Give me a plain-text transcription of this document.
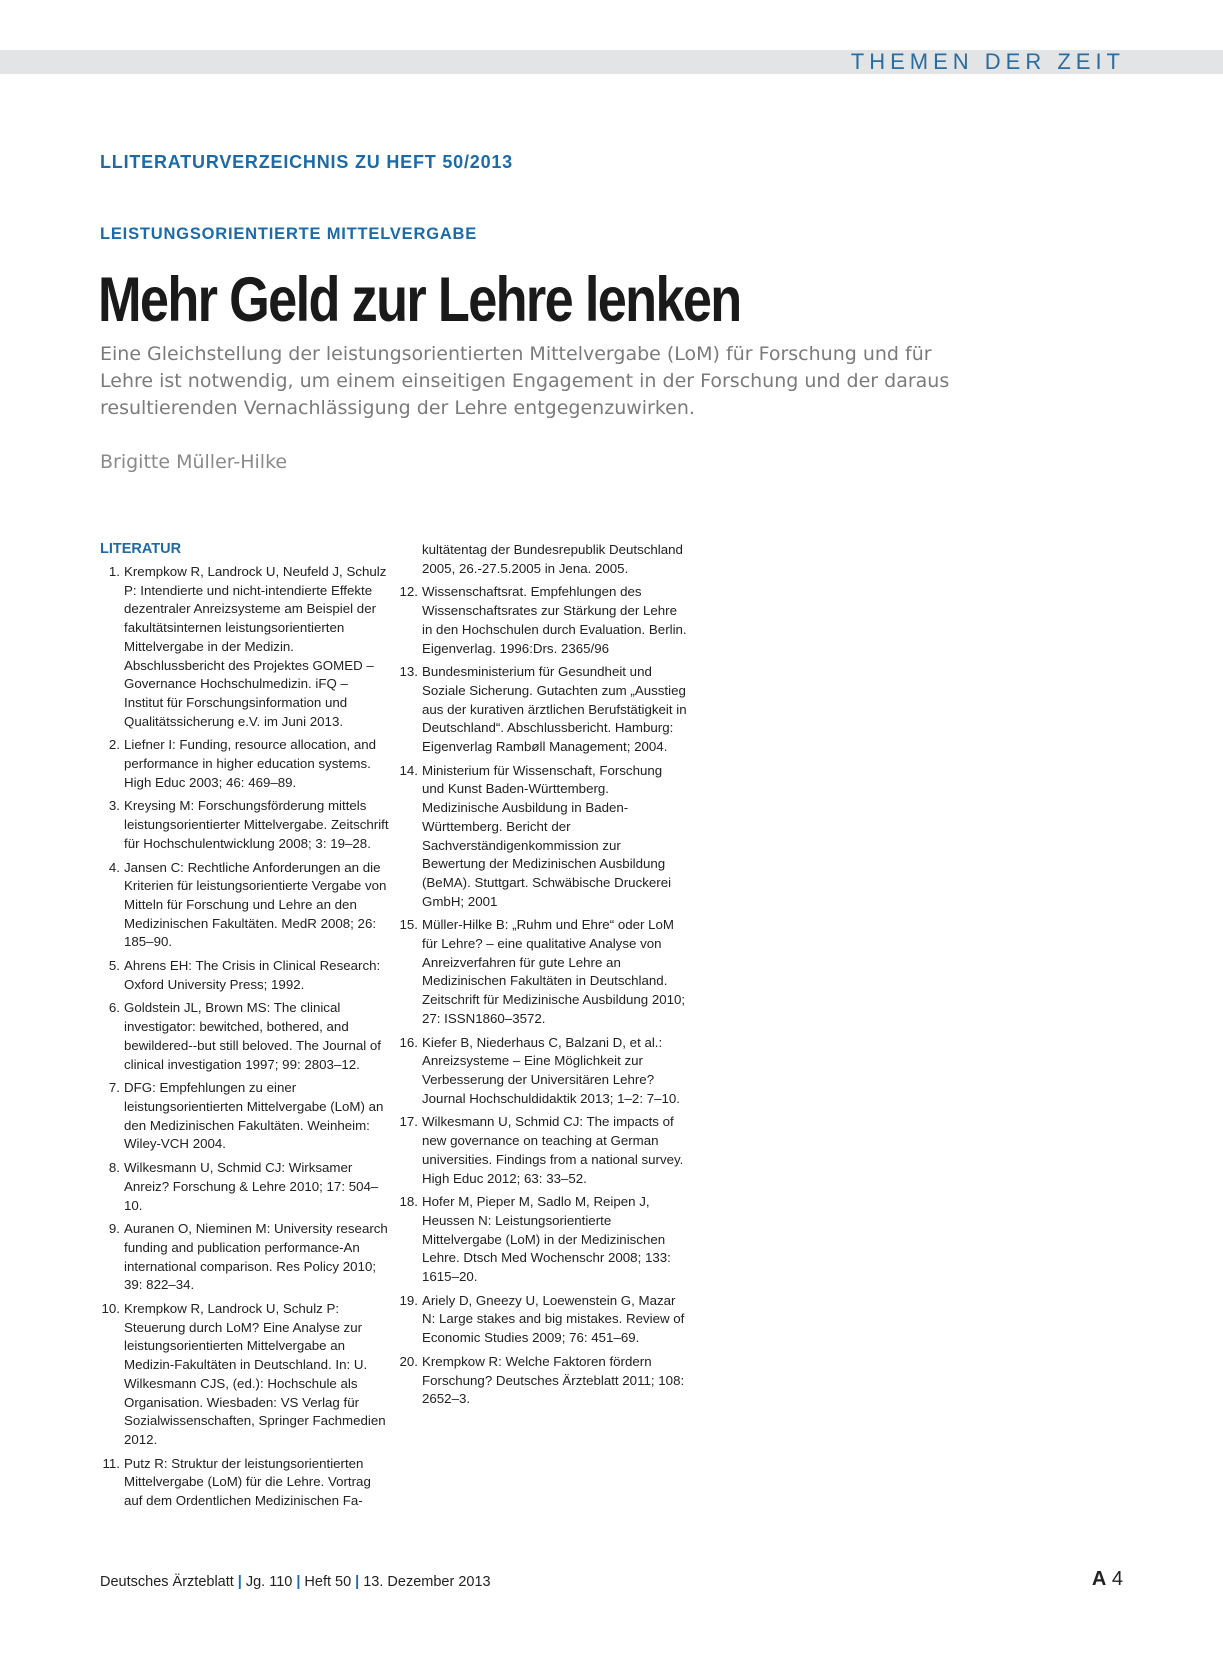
THEMEN DER ZEIT
LLITERATURVERZEICHNIS ZU HEFT 50/2013
LEISTUNGSORIENTIERTE MITTELVERGABE
Mehr Geld zur Lehre lenken

Eine Gleichstellung der leistungsorientierten Mittelvergabe (LoM) für Forschung und für Lehre ist notwendig, um einem einseitigen Engagement in der Forschung und der daraus resultierenden Vernachlässigung der Lehre entgegenzuwirken.

Brigitte Müller-Hilke
LITERATUR
1. Krempkow R, Landrock U, Neufeld J, Schulz P: Intendierte und nicht-intendierte Effekte dezentraler Anreizsysteme am Beispiel der fakultätsinternen leistungsorientierten Mittelvergabe in der Medizin. Abschlussbericht des Projektes GOMED – Governance Hochschulmedizin. iFQ – Institut für Forschungsinformation und Qualitätssicherung e.V. im Juni 2013.
2. Liefner I: Funding, resource allocation, and performance in higher education systems. High Educ 2003; 46: 469–89.
3. Kreysing M: Forschungsförderung mittels leistungsorientierter Mittelvergabe. Zeitschrift für Hochschulentwicklung 2008; 3: 19–28.
4. Jansen C: Rechtliche Anforderungen an die Kriterien für leistungsorientierte Vergabe von Mitteln für Forschung und Lehre an den Medizinischen Fakultäten. MedR 2008; 26: 185–90.
5. Ahrens EH: The Crisis in Clinical Research: Oxford University Press; 1992.
6. Goldstein JL, Brown MS: The clinical investigator: bewitched, bothered, and bewildered--but still beloved. The Journal of clinical investigation 1997; 99: 2803–12.
7. DFG: Empfehlungen zu einer leistungsorientierten Mittelvergabe (LoM) an den Medizinischen Fakultäten. Weinheim: Wiley-VCH 2004.
8. Wilkesmann U, Schmid CJ: Wirksamer Anreiz? Forschung & Lehre 2010; 17: 504–10.
9. Auranen O, Nieminen M: University research funding and publication performance-An international comparison. Res Policy 2010; 39: 822–34.
10. Krempkow R, Landrock U, Schulz P: Steuerung durch LoM? Eine Analyse zur leistungsorientierten Mittelvergabe an Medizin-Fakultäten in Deutschland. In: U. Wilkesmann CJS, (ed.): Hochschule als Organisation. Wiesbaden: VS Verlag für Sozialwissenschaften, Springer Fachmedien 2012.
11. Putz R: Struktur der leistungsorientierten Mittelvergabe (LoM) für die Lehre. Vortrag auf dem Ordentlichen Medizinischen Fa-
kultätentag der Bundesrepublik Deutschland 2005, 26.-27.5.2005 in Jena. 2005.
12. Wissenschaftsrat. Empfehlungen des Wissenschaftsrates zur Stärkung der Lehre in den Hochschulen durch Evaluation. Berlin. Eigenverlag. 1996:Drs. 2365/96
13. Bundesministerium für Gesundheit und Soziale Sicherung. Gutachten zum „Ausstieg aus der kurativen ärztlichen Berufstätigkeit in Deutschland“. Abschlussbericht. Hamburg: Eigenverlag Rambøll Management; 2004.
14. Ministerium für Wissenschaft, Forschung und Kunst Baden-Württemberg. Medizinische Ausbildung in Baden-Württemberg. Bericht der Sachverständigenkommission zur Bewertung der Medizinischen Ausbildung (BeMA). Stuttgart. Schwäbische Druckerei GmbH; 2001
15. Müller-Hilke B: „Ruhm und Ehre“ oder LoM für Lehre? – eine qualitative Analyse von Anreizverfahren für gute Lehre an Medizinischen Fakultäten in Deutschland. Zeitschrift für Medizinische Ausbildung 2010; 27: ISSN1860–3572.
16. Kiefer B, Niederhaus C, Balzani D, et al.: Anreizsysteme – Eine Möglichkeit zur Verbesserung der Universitären Lehre? Journal Hochschuldidaktik 2013; 1–2: 7–10.
17. Wilkesmann U, Schmid CJ: The impacts of new governance on teaching at German universities. Findings from a national survey. High Educ 2012; 63: 33–52.
18. Hofer M, Pieper M, Sadlo M, Reipen J, Heussen N: Leistungsorientierte Mittelvergabe (LoM) in der Medizinischen Lehre. Dtsch Med Wochenschr 2008; 133: 1615–20.
19. Ariely D, Gneezy U, Loewenstein G, Mazar N: Large stakes and big mistakes. Review of Economic Studies 2009; 76: 451–69.
20. Krempkow R: Welche Faktoren fördern Forschung? Deutsches Ärzteblatt 2011; 108: 2652–3.
Deutsches Ärzteblatt | Jg. 110 | Heft 50 | 13. Dezember 2013	A 4
